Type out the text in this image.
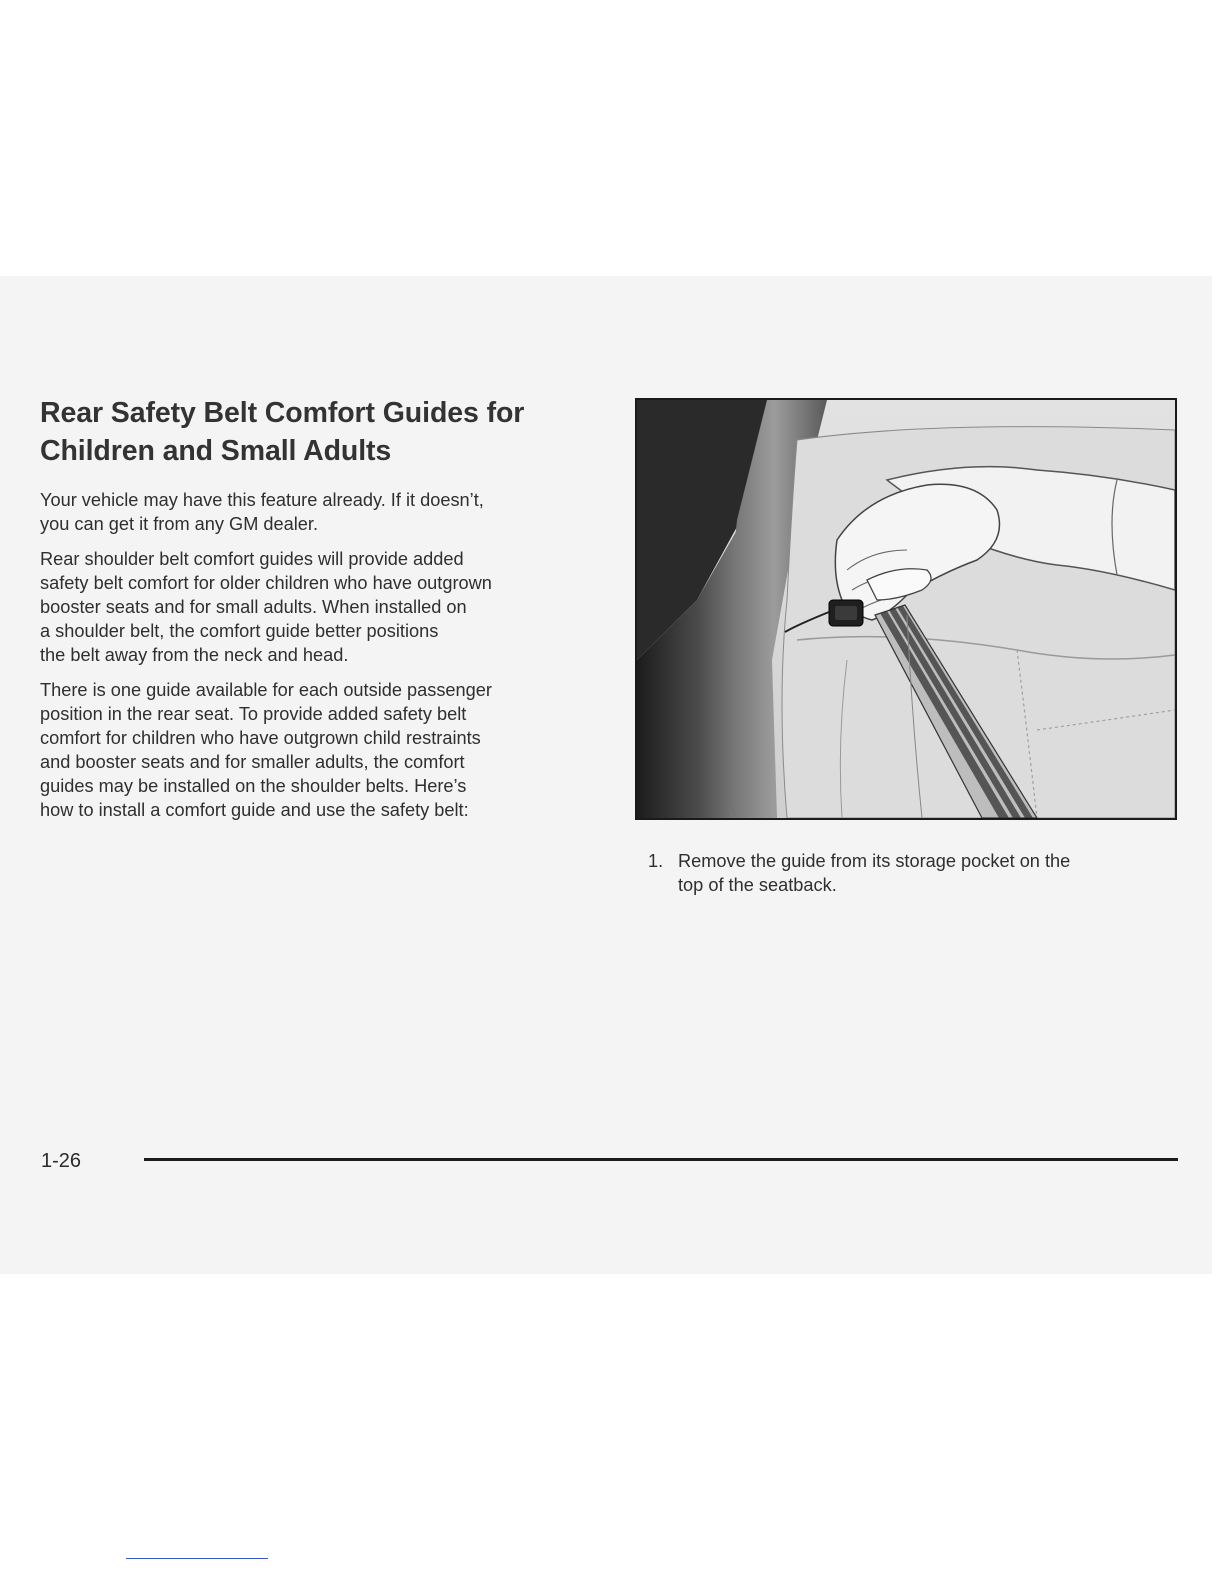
Rear Safety Belt Comfort Guides for
Children and Small Adults

Your vehicle may have this feature already. If it doesn’t,
you can get it from any GM dealer.

Rear shoulder belt comfort guides will provide added
safety belt comfort for older children who have outgrown
booster seats and for small adults. When installed on
a shoulder belt, the comfort guide better positions
the belt away from the neck and head.

There is one guide available for each outside passenger
position in the rear seat. To provide added safety belt
comfort for children who have outgrown child restraints
and booster seats and for smaller adults, the comfort
guides may be installed on the shoulder belts. Here’s
how to install a comfort guide and use the safety belt:

1. Remove the guide from its storage pocket on the
top of the seatback.
1-26
